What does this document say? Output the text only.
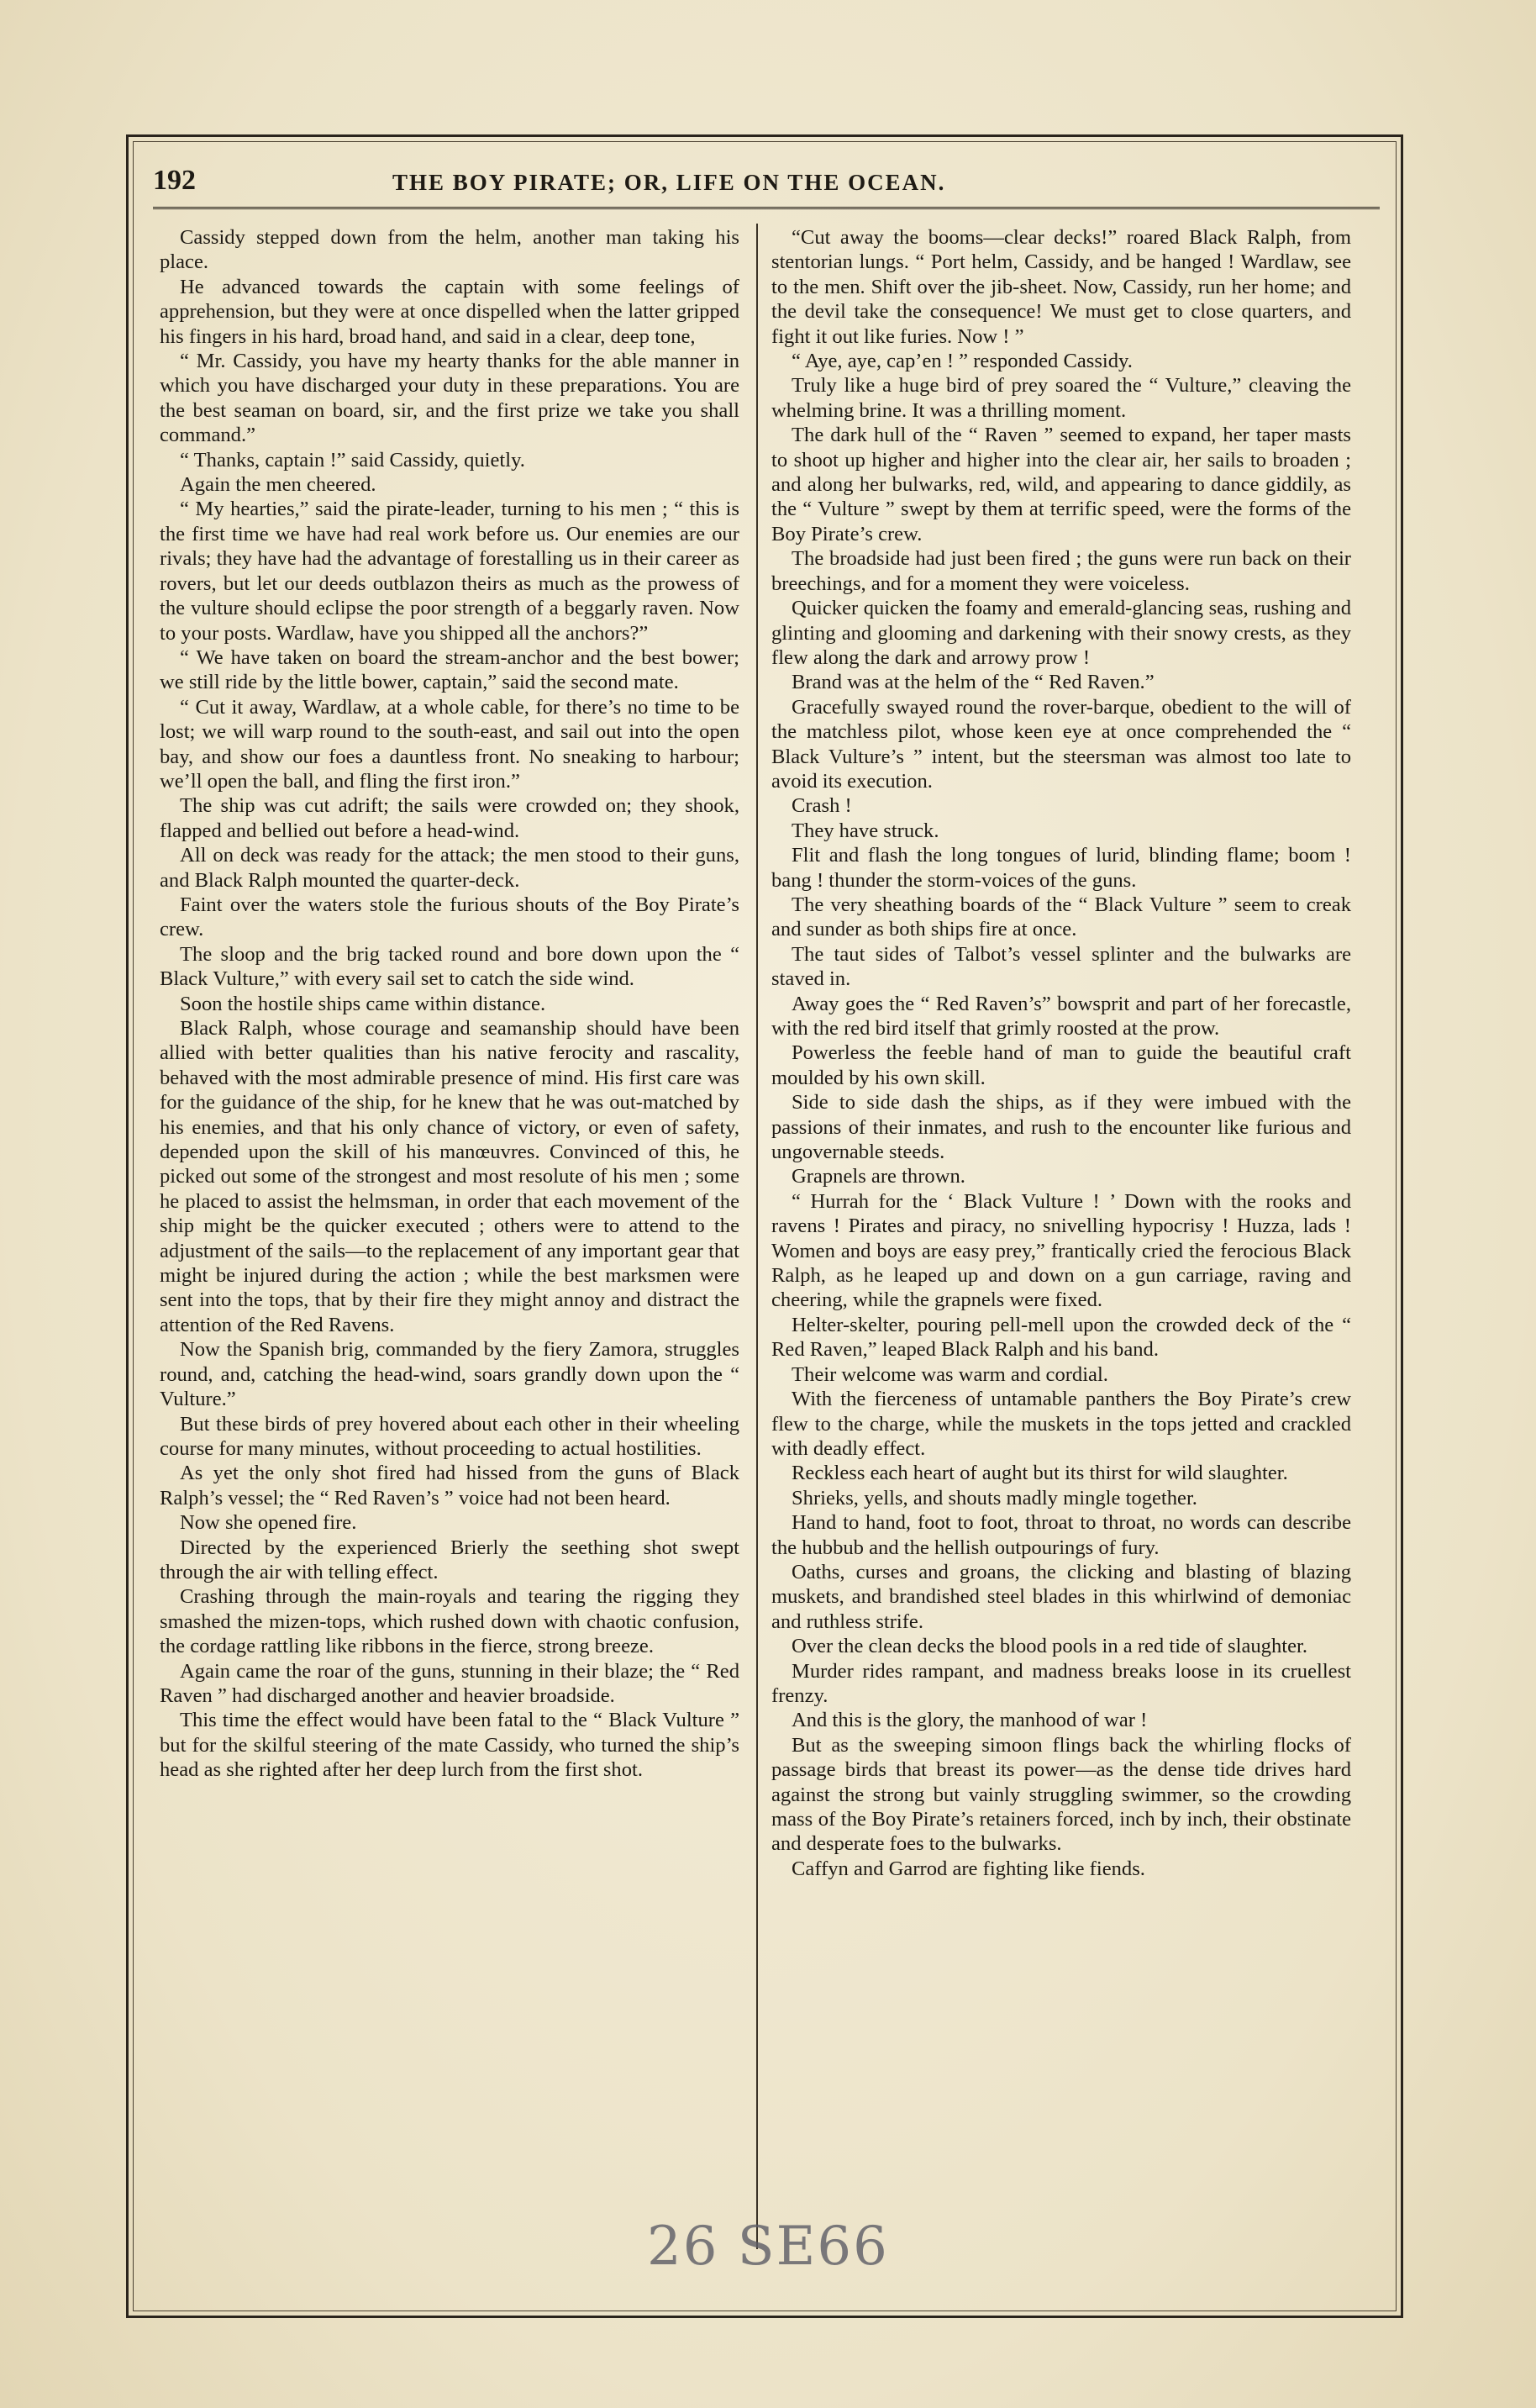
192	THE BOY PIRATE; OR, LIFE ON THE OCEAN.

Cassidy stepped down from the helm, another man taking his place.

He advanced towards the captain with some feelings of apprehension, but they were at once dispelled when the latter gripped his fingers in his hard, broad hand, and said in a clear, deep tone,

“ Mr. Cassidy, you have my hearty thanks for the able manner in which you have discharged your duty in these preparations. You are the best seaman on board, sir, and the first prize we take you shall command.”

“ Thanks, captain !” said Cassidy, quietly.

Again the men cheered.

“ My hearties,” said the pirate-leader, turning to his men ; “ this is the first time we have had real work before us. Our enemies are our rivals; they have had the advantage of forestalling us in their career as rovers, but let our deeds outblazon theirs as much as the prowess of the vulture should eclipse the poor strength of a beggarly raven. Now to your posts. Wardlaw, have you shipped all the anchors?”

“ We have taken on board the stream-anchor and the best bower; we still ride by the little bower, captain,” said the second mate.

“ Cut it away, Wardlaw, at a whole cable, for there’s no time to be lost; we will warp round to the south-east, and sail out into the open bay, and show our foes a dauntless front. No sneaking to harbour; we’ll open the ball, and fling the first iron.”

The ship was cut adrift; the sails were crowded on; they shook, flapped and bellied out before a head-wind.

All on deck was ready for the attack; the men stood to their guns, and Black Ralph mounted the quarter-deck.

Faint over the waters stole the furious shouts of the Boy Pirate’s crew.

The sloop and the brig tacked round and bore down upon the “ Black Vulture,” with every sail set to catch the side wind.

Soon the hostile ships came within distance.

Black Ralph, whose courage and seamanship should have been allied with better qualities than his native ferocity and rascality, behaved with the most admirable presence of mind. His first care was for the guidance of the ship, for he knew that he was out-matched by his enemies, and that his only chance of victory, or even of safety, depended upon the skill of his manœuvres. Convinced of this, he picked out some of the strongest and most resolute of his men ; some he placed to assist the helmsman, in order that each movement of the ship might be the quicker executed ; others were to attend to the adjustment of the sails—to the replacement of any important gear that might be injured during the action ; while the best marksmen were sent into the tops, that by their fire they might annoy and distract the attention of the Red Ravens.

Now the Spanish brig, commanded by the fiery Zamora, struggles round, and, catching the head-wind, soars grandly down upon the “ Vulture.”

But these birds of prey hovered about each other in their wheeling course for many minutes, without proceeding to actual hostilities.

As yet the only shot fired had hissed from the guns of Black Ralph’s vessel; the “ Red Raven’s ” voice had not been heard.

Now she opened fire.

Directed by the experienced Brierly the seething shot swept through the air with telling effect.

Crashing through the main-royals and tearing the rigging they smashed the mizen-tops, which rushed down with chaotic confusion, the cordage rattling like ribbons in the fierce, strong breeze.

Again came the roar of the guns, stunning in their blaze; the “ Red Raven ” had discharged another and heavier broadside.

This time the effect would have been fatal to the “ Black Vulture ” but for the skilful steering of the mate Cassidy, who turned the ship’s head as she righted after her deep lurch from the first shot.

“Cut away the booms—clear decks!” roared Black Ralph, from stentorian lungs. “ Port helm, Cassidy, and be hanged ! Wardlaw, see to the men. Shift over the jib-sheet. Now, Cassidy, run her home; and the devil take the consequence! We must get to close quarters, and fight it out like furies. Now ! ”

“ Aye, aye, cap’en ! ” responded Cassidy.

Truly like a huge bird of prey soared the “ Vulture,” cleaving the whelming brine. It was a thrilling moment.

The dark hull of the “ Raven ” seemed to expand, her taper masts to shoot up higher and higher into the clear air, her sails to broaden ; and along her bulwarks, red, wild, and appearing to dance giddily, as the “ Vulture ” swept by them at terrific speed, were the forms of the Boy Pirate’s crew.

The broadside had just been fired ; the guns were run back on their breechings, and for a moment they were voiceless.

Quicker quicken the foamy and emerald-glancing seas, rushing and glinting and glooming and darkening with their snowy crests, as they flew along the dark and arrowy prow !

Brand was at the helm of the “ Red Raven.”

Gracefully swayed round the rover-barque, obedient to the will of the matchless pilot, whose keen eye at once comprehended the “ Black Vulture’s ” intent, but the steersman was almost too late to avoid its execution.

Crash !

They have struck.

Flit and flash the long tongues of lurid, blinding flame; boom ! bang ! thunder the storm-voices of the guns.

The very sheathing boards of the “ Black Vulture ” seem to creak and sunder as both ships fire at once.

The taut sides of Talbot’s vessel splinter and the bulwarks are staved in.

Away goes the “ Red Raven’s” bowsprit and part of her forecastle, with the red bird itself that grimly roosted at the prow.

Powerless the feeble hand of man to guide the beautiful craft moulded by his own skill.

Side to side dash the ships, as if they were imbued with the passions of their inmates, and rush to the encounter like furious and ungovernable steeds.

Grapnels are thrown.

“ Hurrah for the ‘ Black Vulture ! ’ Down with the rooks and ravens ! Pirates and piracy, no snivelling hypocrisy ! Huzza, lads ! Women and boys are easy prey,” frantically cried the ferocious Black Ralph, as he leaped up and down on a gun carriage, raving and cheering, while the grapnels were fixed.

Helter-skelter, pouring pell-mell upon the crowded deck of the “ Red Raven,” leaped Black Ralph and his band.

Their welcome was warm and cordial.

With the fierceness of untamable panthers the Boy Pirate’s crew flew to the charge, while the muskets in the tops jetted and crackled with deadly effect.

Reckless each heart of aught but its thirst for wild slaughter.

Shrieks, yells, and shouts madly mingle together.

Hand to hand, foot to foot, throat to throat, no words can describe the hubbub and the hellish outpourings of fury.

Oaths, curses and groans, the clicking and blasting of blazing muskets, and brandished steel blades in this whirlwind of demoniac and ruthless strife.

Over the clean decks the blood pools in a red tide of slaughter.

Murder rides rampant, and madness breaks loose in its cruellest frenzy.

And this is the glory, the manhood of war !

But as the sweeping simoon flings back the whirling flocks of passage birds that breast its power—as the dense tide drives hard against the strong but vainly struggling swimmer, so the crowding mass of the Boy Pirate’s retainers forced, inch by inch, their obstinate and desperate foes to the bulwarks.

Caffyn and Garrod are fighting like fiends.

26 SE66
